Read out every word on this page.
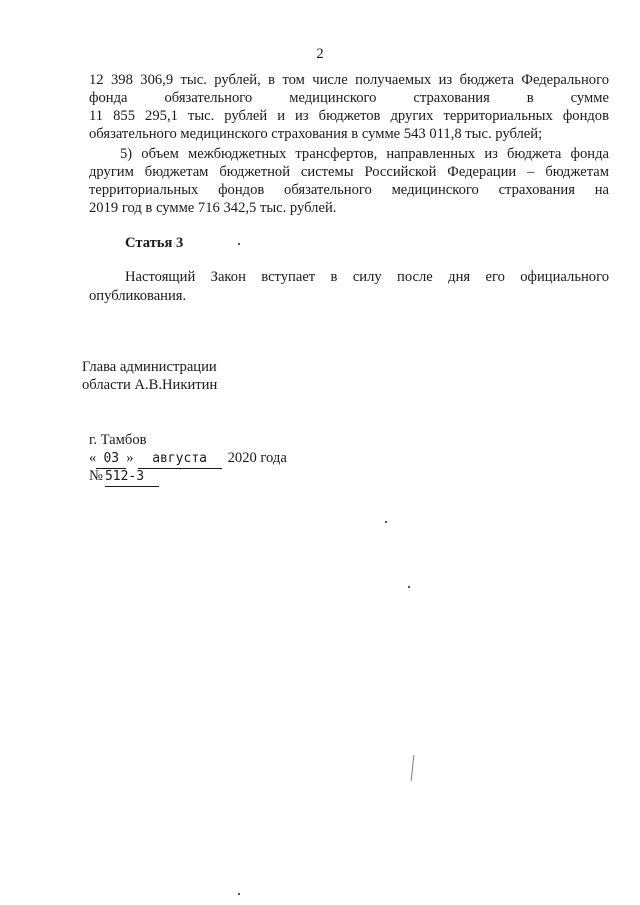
2
12 398 306,9 тыс. рублей, в том числе получаемых из бюджета Федерального
фонда обязательного медицинского страхования в сумме
11 855 295,1 тыс. рублей и из бюджетов других территориальных фондов
обязательного медицинского страхования в сумме 543 011,8 тыс. рублей;
5) объем межбюджетных трансфертов, направленных из бюджета фонда
другим бюджетам бюджетной системы Российской Федерации – бюджетам
территориальных фондов обязательного медицинского страхования на
2019 год в сумме 716 342,5 тыс. рублей.
Статья 3
Настоящий Закон вступает в силу после дня его официального
опубликования.
Глава администрации
области А.В.Никитин
г. Тамбов
« 03 » августа 2020 года
№ 512-З
